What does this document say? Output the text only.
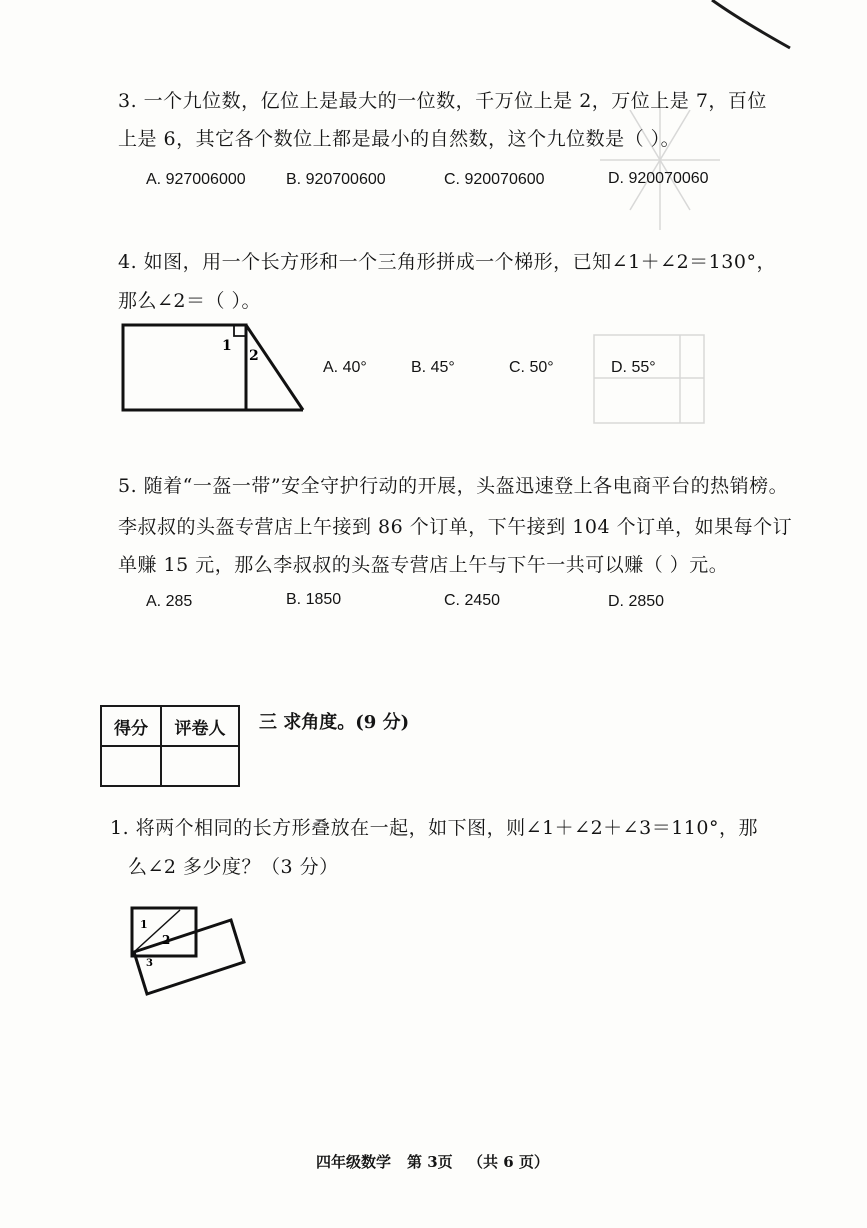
3. 一个九位数，亿位上是最大的一位数，千万位上是 2，万位上是 7，百位
上是 6，其它各个数位上都是最小的自然数，这个九位数是（ ）。
A. 927006000	B. 920700600	C. 920070600	D. 920070060
4. 如图，用一个长方形和一个三角形拼成一个梯形，已知∠1＋∠2＝130°，
那么∠2＝（ ）。
1
2
A. 40°	B. 45°	C. 50°	D. 55°
5. 随着“一盔一带”安全守护行动的开展，头盔迅速登上各电商平台的热销榜。
李叔叔的头盔专营店上午接到 86 个订单，下午接到 104 个订单，如果每个订
单赚 15 元，那么李叔叔的头盔专营店上午与下午一共可以赚（ ）元。
A. 285	B. 1850	C. 2450	D. 2850
得分	评卷人
	三 求角度。(9 分)
1. 将两个相同的长方形叠放在一起，如下图，则∠1＋∠2＋∠3＝110°，那
么∠2 多少度？（3 分）
1
2
3
四年级数学 第 3页 （共 6 页）
